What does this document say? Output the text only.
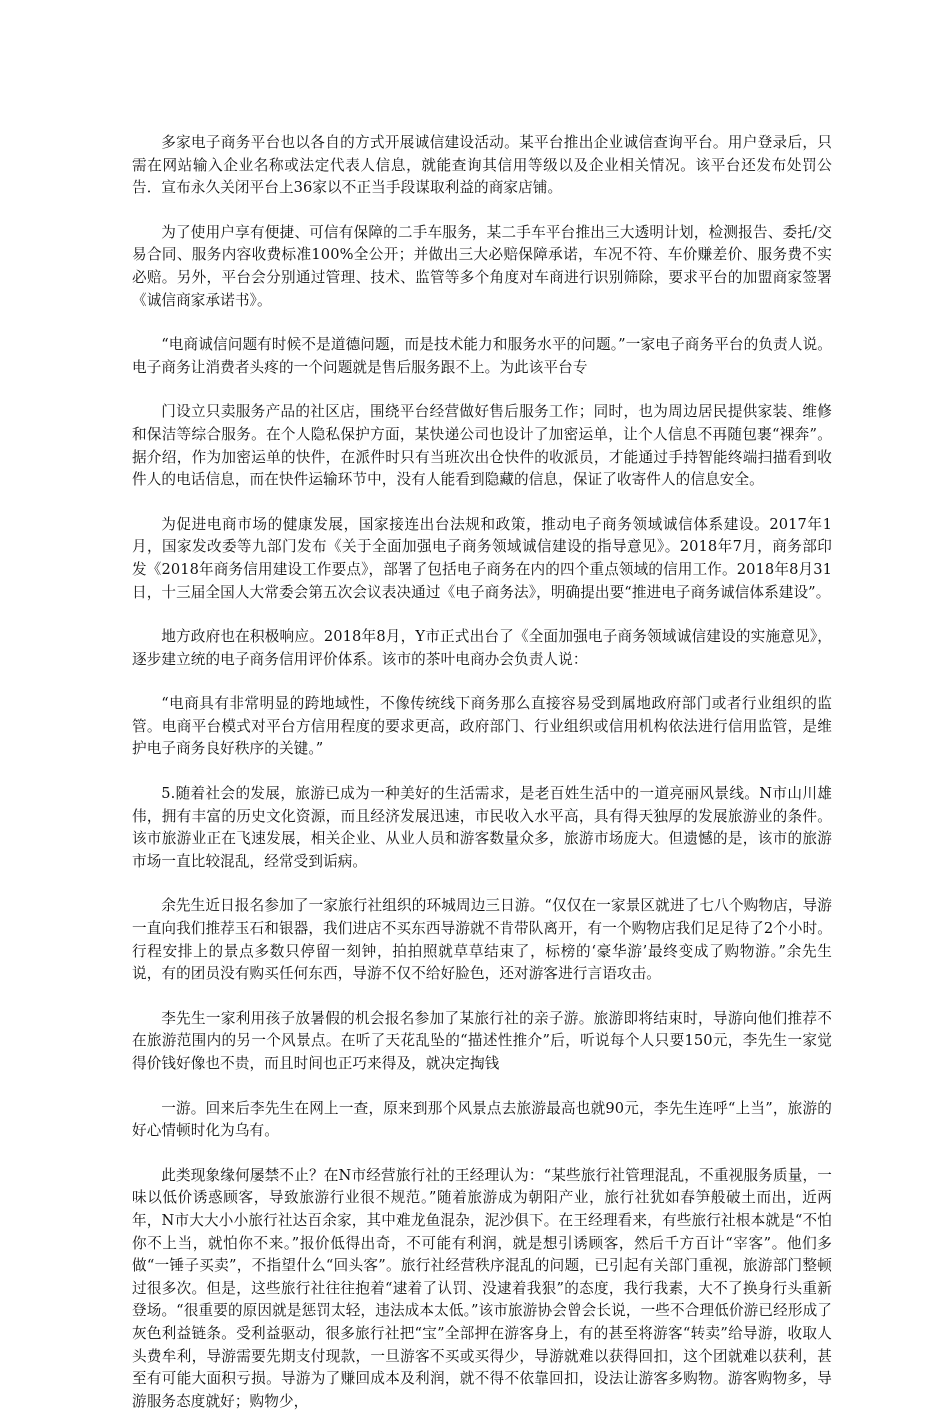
多家电子商务平台也以各自的方式开展诚信建设活动。某平台推出企业诚信查询平台。用户登录后，只需在网站输入企业名称或法定代表人信息，就能查询其信用等级以及企业相关情况。该平台还发布处罚公告．宣布永久关闭平台上36家以不正当手段谋取利益的商家店铺。

为了使用户享有便捷、可信有保障的二手车服务，某二手车平台推出三大透明计划，检测报告、委托/交易合同、服务内容收费标准100%全公开；并做出三大必赔保障承诺，车况不符、车价赚差价、服务费不实必赔。另外，平台会分别通过管理、技术、监管等多个角度对车商进行识别筛除，要求平台的加盟商家签署《诚信商家承诺书》。

“电商诚信问题有时候不是道德问题，而是技术能力和服务水平的问题。”一家电子商务平台的负责人说。电子商务让消费者头疼的一个问题就是售后服务跟不上。为此该平台专

门设立只卖服务产品的社区店，围绕平台经营做好售后服务工作；同时，也为周边居民提供家装、维修和保洁等综合服务。在个人隐私保护方面，某快递公司也设计了加密运单，让个人信息不再随包裹“裸奔”。据介绍，作为加密运单的快件，在派件时只有当班次出仓快件的收派员，才能通过手持智能终端扫描看到收件人的电话信息，而在快件运输环节中，没有人能看到隐藏的信息，保证了收寄件人的信息安全。

为促进电商市场的健康发展，国家接连出台法规和政策，推动电子商务领域诚信体系建设。2017年1月，国家发改委等九部门发布《关于全面加强电子商务领域诚信建设的指导意见》。2018年7月，商务部印发《2018年商务信用建设工作要点》，部署了包括电子商务在内的四个重点领域的信用工作。2018年8月31日，十三届全国人大常委会第五次会议表决通过《电子商务法》，明确提出要“推进电子商务诚信体系建设”。

地方政府也在积极响应。2018年8月，Y市正式出台了《全面加强电子商务领域诚信建设的实施意见》，逐步建立统的电子商务信用评价体系。该市的茶叶电商办会负责人说：

“电商具有非常明显的跨地域性，不像传统线下商务那么直接容易受到属地政府部门或者行业组织的监管。电商平台模式对平台方信用程度的要求更高，政府部门、行业组织或信用机构依法进行信用监管，是维护电子商务良好秩序的关键。”

5.随着社会的发展，旅游已成为一种美好的生活需求，是老百姓生活中的一道亮丽风景线。N市山川雄伟，拥有丰富的历史文化资源，而且经济发展迅速，市民收入水平高，具有得天独厚的发展旅游业的条件。该市旅游业正在飞速发展，相关企业、从业人员和游客数量众多，旅游市场庞大。但遗憾的是，该市的旅游市场一直比较混乱，经常受到诟病。

余先生近日报名参加了一家旅行社组织的环城周边三日游。“仅仅在一家景区就进了七八个购物店，导游一直向我们推荐玉石和银器，我们进店不买东西导游就不肯带队离开，有一个购物店我们足足待了2个小时。行程安排上的景点多数只停留一刻钟，拍拍照就草草结束了，标榜的‘豪华游’最终变成了购物游。”余先生说，有的团员没有购买任何东西，导游不仅不给好脸色，还对游客进行言语攻击。

李先生一家利用孩子放暑假的机会报名参加了某旅行社的亲子游。旅游即将结束时，导游向他们推荐不在旅游范围内的另一个风景点。在听了天花乱坠的“描述性推介”后，听说每个人只要150元，李先生一家觉得价钱好像也不贵，而且时间也正巧来得及，就决定掏钱

一游。回来后李先生在网上一查，原来到那个风景点去旅游最高也就90元，李先生连呼“上当”，旅游的好心情顿时化为乌有。

此类现象缘何屡禁不止？在N市经营旅行社的王经理认为：“某些旅行社管理混乱，不重视服务质量，一味以低价诱惑顾客，导致旅游行业很不规范。”随着旅游成为朝阳产业，旅行社犹如春笋般破土而出，近两年，N市大大小小旅行社达百余家，其中难龙鱼混杂，泥沙俱下。在王经理看来，有些旅行社根本就是“不怕你不上当，就怕你不来。”报价低得出奇，不可能有利润，就是想引诱顾客，然后千方百计“宰客”。他们多做“一锤子买卖”，不指望什么“回头客”。旅行社经营秩序混乱的问题，已引起有关部门重视，旅游部门整顿过很多次。但是，这些旅行社往往抱着“逮着了认罚、没逮着我狠”的态度，我行我素，大不了换身行头重新登场。“很重要的原因就是惩罚太轻，违法成本太低。”该市旅游协会曾会长说，一些不合理低价游已经形成了灰色利益链条。受利益驱动，很多旅行社把“宝”全部押在游客身上，有的甚至将游客“转卖”给导游，收取人头费牟利，导游需要先期支付现款，一旦游客不买或买得少，导游就难以获得回扣，这个团就难以获利，甚至有可能大面积亏损。导游为了赚回成本及利润，就不得不依靠回扣，设法让游客多购物。游客购物多，导游服务态度就好；购物少，
